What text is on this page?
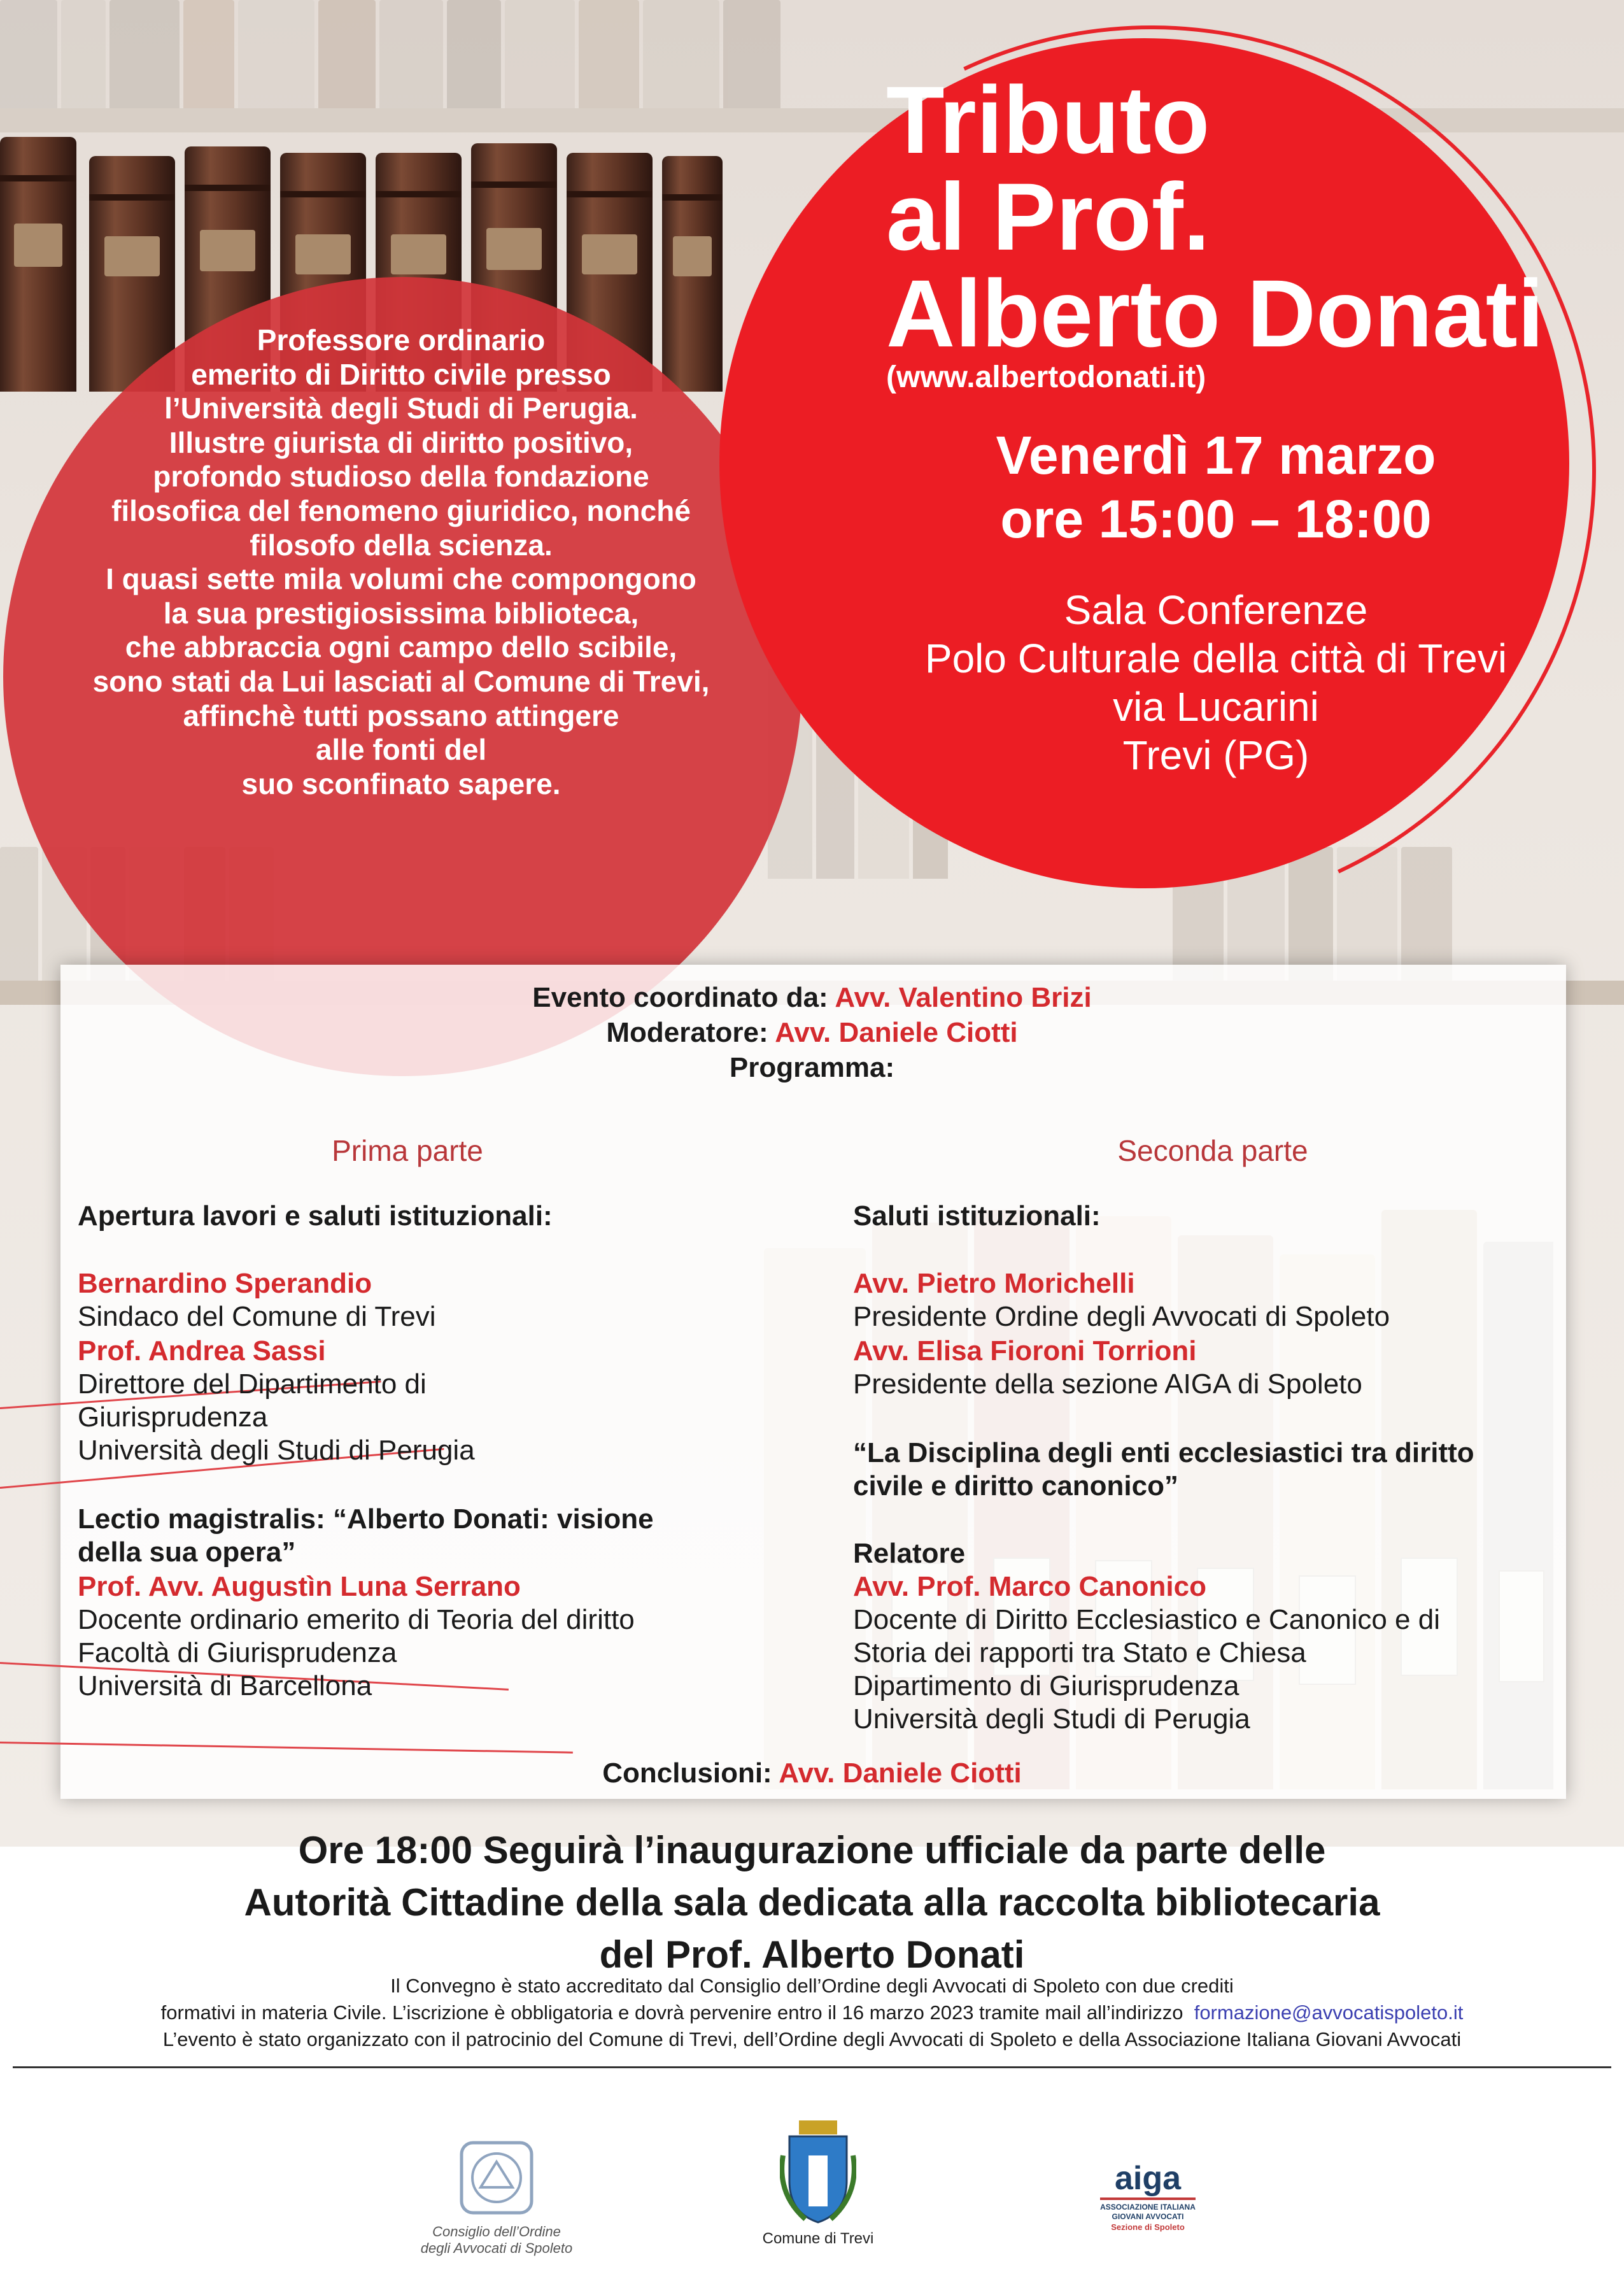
Tributo
al Prof.
Alberto Donati
(www.albertodonati.it)
Venerdì 17 marzo
ore 15:00 – 18:00
Sala Conferenze
Polo Culturale della città di Trevi
via Lucarini
Trevi (PG)
Professore ordinario
emerito di Diritto civile presso
l’Università degli Studi di Perugia.
Illustre giurista di diritto positivo,
profondo studioso della fondazione
filosofica del fenomeno giuridico, nonché
filosofo della scienza.
I quasi sette mila volumi che compongono
la sua prestigiosissima biblioteca,
che abbraccia ogni campo dello scibile,
sono stati da Lui lasciati al Comune di Trevi,
affinchè tutti possano attingere
alle fonti del
suo sconfinato sapere.
Evento coordinato da: Avv. Valentino Brizi
Moderatore: Avv. Daniele Ciotti
Programma:
Prima parte
Apertura lavori e saluti istituzionali:
Bernardino Sperandio
Sindaco del Comune di Trevi
Prof. Andrea Sassi
Direttore del Dipartimento di
Giurisprudenza
Università degli Studi di Perugia
Lectio magistralis: “Alberto Donati: visione
della sua opera”
Prof. Avv. Augustìn Luna Serrano
Docente ordinario emerito di Teoria del diritto
Facoltà di Giurisprudenza
Università di Barcellona
Seconda parte
Saluti istituzionali:
Avv. Pietro Morichelli
Presidente Ordine degli Avvocati di Spoleto
Avv. Elisa Fioroni Torrioni
Presidente della sezione AIGA di Spoleto
“La Disciplina degli enti ecclesiastici tra diritto
civile e diritto canonico”
Relatore
Avv. Prof. Marco Canonico
Docente di Diritto Ecclesiastico e Canonico e di
Storia dei rapporti tra Stato e Chiesa
Dipartimento di Giurisprudenza
Università degli Studi di Perugia
Conclusioni: Avv. Daniele Ciotti
Ore 18:00 Seguirà l’inaugurazione ufficiale da parte delle
Autorità Cittadine della sala dedicata alla raccolta bibliotecaria
del Prof. Alberto Donati
Il Convegno è stato accreditato dal Consiglio dell’Ordine degli Avvocati di Spoleto con due crediti
formativi in materia Civile. L’iscrizione è obbligatoria e dovrà pervenire entro il 16 marzo 2023 tramite mail all’indirizzo formazione@avvocatispoleto.it
L’evento è stato organizzato con il patrocinio del Comune di Trevi, dell’Ordine degli Avvocati di Spoleto e della Associazione Italiana Giovani Avvocati
Consiglio dell’Ordine
degli Avvocati di Spoleto
Comune di Trevi
aiga
ASSOCIAZIONE ITALIANA
GIOVANI AVVOCATI
Sezione di Spoleto
